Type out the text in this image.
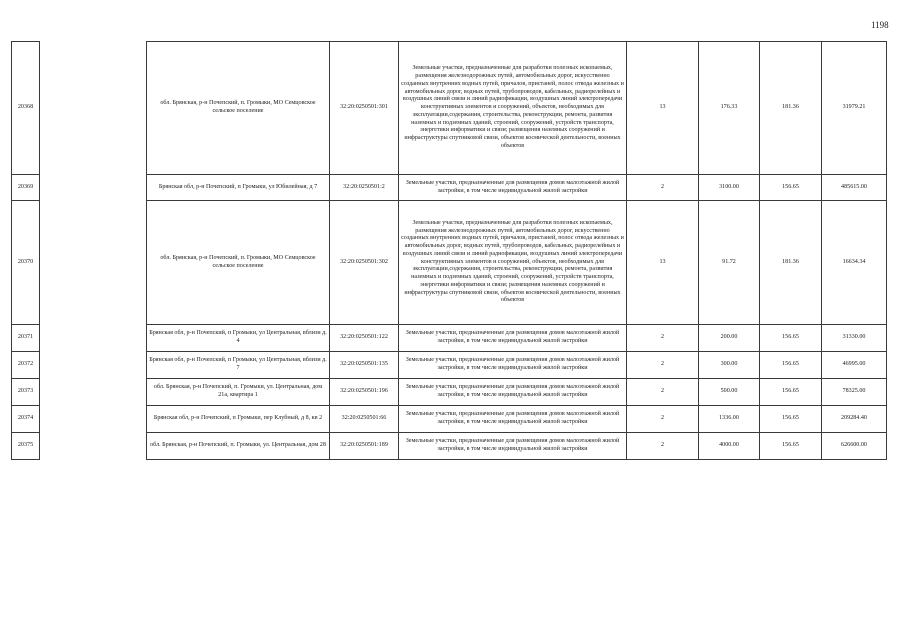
1198
20368		обл. Брянская, р-н Почепский, п. Громыки, МО Семцовское сельское поселение	32:20:0250501:301	Земельные участки, предназначенные для разработки полезных ископаемых, размещения железнодорожных путей, автомобильных дорог, искусственно созданных внутренних водных путей, причалов, пристаней, полос отвода железных и автомобильных дорог, водных путей, трубопроводов, кабельных, радиорелейных и воздушных линий связи и линий радиофикации, воздушных линий электропередачи конструктивных элементов и сооружений, объектов, необходимых для эксплуатации,содержания, строительства, реконструкции, ремонта, развития наземных и подземных зданий, строений, сооружений, устройств транспорта, энергетики информатики и связи; размещения наземных сооружений и инфраструктуры спутниковой связи, объектов космической деятельности, военных объектов	13	176.33	181.36	31979.21
20369		Брянская обл, р-н Почепский, п Громыки, ул Юбилейная, д 7	32:20:0250501:2	Земельные участки, предназначенные для размещения домов малоэтажной жилой застройки, в том числе индивидуальной жилой застройки	2	3100.00	156.65	485615.00
20370		обл. Брянская, р-н Почепский, п. Громыки, МО Семцовское сельское поселение	32:20:0250501:302	Земельные участки, предназначенные для разработки полезных ископаемых, размещения железнодорожных путей, автомобильных дорог, искусственно созданных внутренних водных путей, причалов, пристаней, полос отвода железных и автомобильных дорог, водных путей, трубопроводов, кабельных, радиорелейных и воздушных линий связи и линий радиофикации, воздушных линий электропередачи конструктивных элементов и сооружений, объектов, необходимых для эксплуатации,содержания, строительства, реконструкции, ремонта, развития наземных и подземных зданий, строений, сооружений, устройств транспорта, энергетики информатики и связи; размещения наземных сооружений и инфраструктуры спутниковой связи, объектов космической деятельности, военных объектов	13	91.72	181.36	16634.34
20371		Брянская обл, р-н Почепский, п Громыки, ул Центральная, вблизи д. 4	32:20:0250501:122	Земельные участки, предназначенные для размещения домов малоэтажной жилой застройки, в том числе индивидуальной жилой застройки	2	200.00	156.65	31330.00
20372		Брянская обл, р-н Почепский, п Громыки, ул Центральная, вблизи д. 7	32:20:0250501:135	Земельные участки, предназначенные для размещения домов малоэтажной жилой застройки, в том числе индивидуальной жилой застройки	2	300.00	156.65	46995.00
20373		обл. Брянская, р-н Почепский, п. Громыки, ул. Центральная, дом 21а, квартира 1	32:20:0250501:196	Земельные участки, предназначенные для размещения домов малоэтажной жилой застройки, в том числе индивидуальной жилой застройки	2	500.00	156.65	78325.00
20374		Брянская обл, р-н Почепский, п Громыки, пер Клубный, д 8, кв 2	32:20:0250501:66	Земельные участки, предназначенные для размещения домов малоэтажной жилой застройки, в том числе индивидуальной жилой застройки	2	1336.00	156.65	209284.40
20375		обл. Брянская, р-н Почепский, п. Громыки, ул. Центральная, дом 28	32:20:0250501:189	Земельные участки, предназначенные для размещения домов малоэтажной жилой застройки, в том числе индивидуальной жилой застройки	2	4000.00	156.65	626600.00
